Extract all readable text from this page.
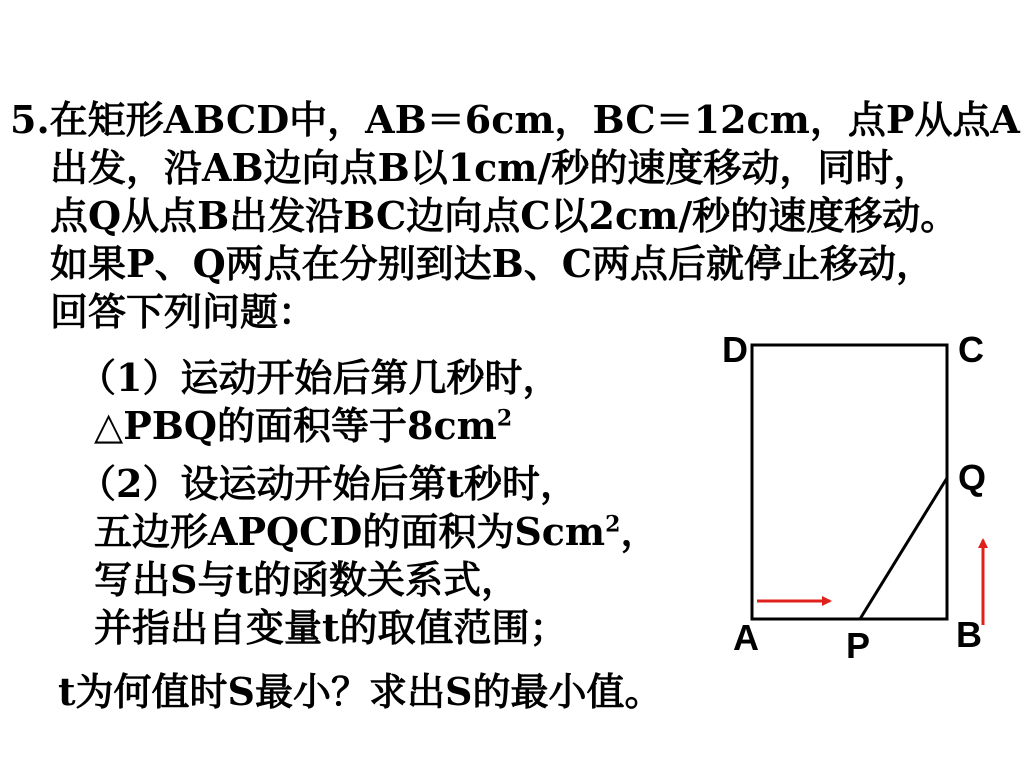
5.在矩形ABCD中，AB＝6cm，BC＝12cm，点P从点A
出发，沿AB边向点B以1cm/秒的速度移动，同时，
点Q从点B出发沿BC边向点C以2cm/秒的速度移动。
如果P、Q两点在分别到达B、C两点后就停止移动，
回答下列问题：
（1）运动开始后第几秒时，
△PBQ的面积等于$8cm^2$
（2）设运动开始后第t秒时，
五边形APQCD的面积为Scm$^2$，
写出S与t的函数关系式，
并指出自变量t的取值范围；
t为何值时S最小？求出S的最小值。
D	C
Q
A P B
